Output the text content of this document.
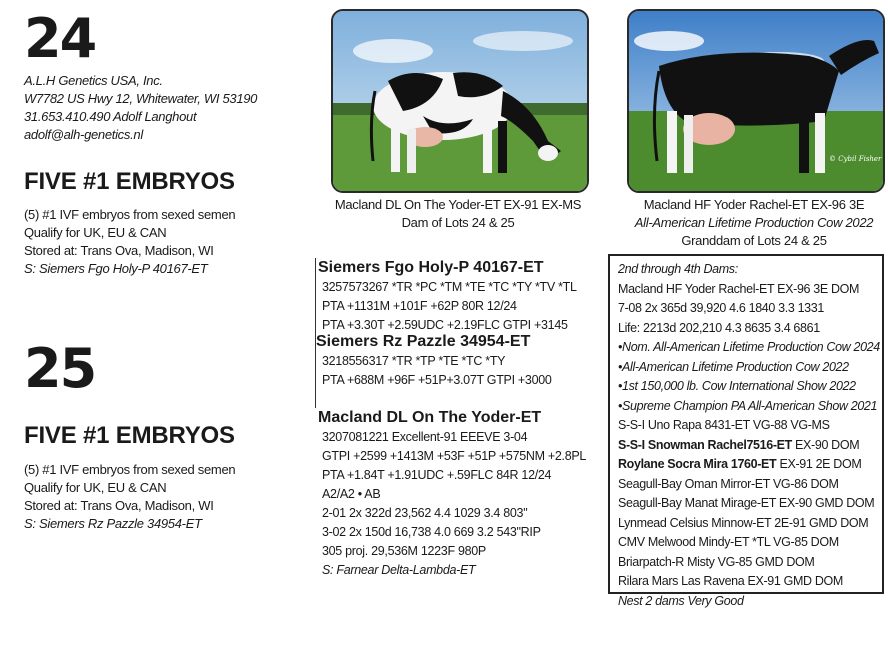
24
A.L.H Genetics USA, Inc.
W7782 US Hwy 12, Whitewater, WI 53190
31.653.410.490 Adolf Langhout
adolf@alh-genetics.nl
FIVE #1 EMBRYOS
(5) #1 IVF embryos from sexed semen
Qualify for UK, EU & CAN
Stored at: Trans Ova, Madison, WI
S: Siemers Fgo Holy-P 40167-ET
25
FIVE #1 EMBRYOS
(5) #1 IVF embryos from sexed semen
Qualify for UK, EU & CAN
Stored at: Trans Ova, Madison, WI
S: Siemers Rz Pazzle 34954-ET
Macland DL On The Yoder-ET EX-91 EX-MS
Dam of Lots 24 & 25
© Cybil Fisher
Macland HF Yoder Rachel-ET EX-96 3E
All-American Lifetime Production Cow 2022
Granddam of Lots 24 & 25
Siemers Fgo Holy-P 40167-ET
3257573267 *TR *PC *TM *TE *TC *TY *TV *TL
PTA +1131M +101F +62P 80R 12/24
PTA +3.30T +2.59UDC +2.19FLC GTPI +3145
Siemers Rz Pazzle 34954-ET
3218556317 *TR *TP *TE *TC *TY
PTA +688M +96F +51P+3.07T GTPI +3000
Macland DL On The Yoder-ET
3207081221 Excellent-91 EEEVE 3-04
GTPI +2599 +1413M +53F +51P +575NM +2.8PL
PTA +1.84T +1.91UDC +.59FLC 84R 12/24
A2/A2 • AB
2-01 2x 322d 23,562 4.4 1029 3.4 803"
3-02 2x 150d 16,738 4.0 669 3.2 543"RIP
305 proj. 29,536M 1223F 980P
S: Farnear Delta-Lambda-ET
2nd through 4th Dams:
Macland HF Yoder Rachel-ET EX-96 3E DOM
7-08 2x 365d 39,920 4.6 1840 3.3 1331
Life: 2213d 202,210 4.3 8635 3.4 6861
•Nom. All-American Lifetime Production Cow 2024
•All-American Lifetime Production Cow 2022
•1st 150,000 lb. Cow International Show 2022
•Supreme Champion PA All-American Show 2021
S-S-I Uno Rapa 8431-ET VG-88 VG-MS
S-S-I Snowman Rachel7516-ET EX-90 DOM
Roylane Socra Mira 1760-ET EX-91 2E DOM
Seagull-Bay Oman Mirror-ET VG-86 DOM
Seagull-Bay Manat Mirage-ET EX-90 GMD DOM
Lynmead Celsius Minnow-ET 2E-91 GMD DOM
CMV Melwood Mindy-ET *TL VG-85 DOM
Briarpatch-R Misty VG-85 GMD DOM
Rilara Mars Las Ravena EX-91 GMD DOM
Nest 2 dams Very Good
